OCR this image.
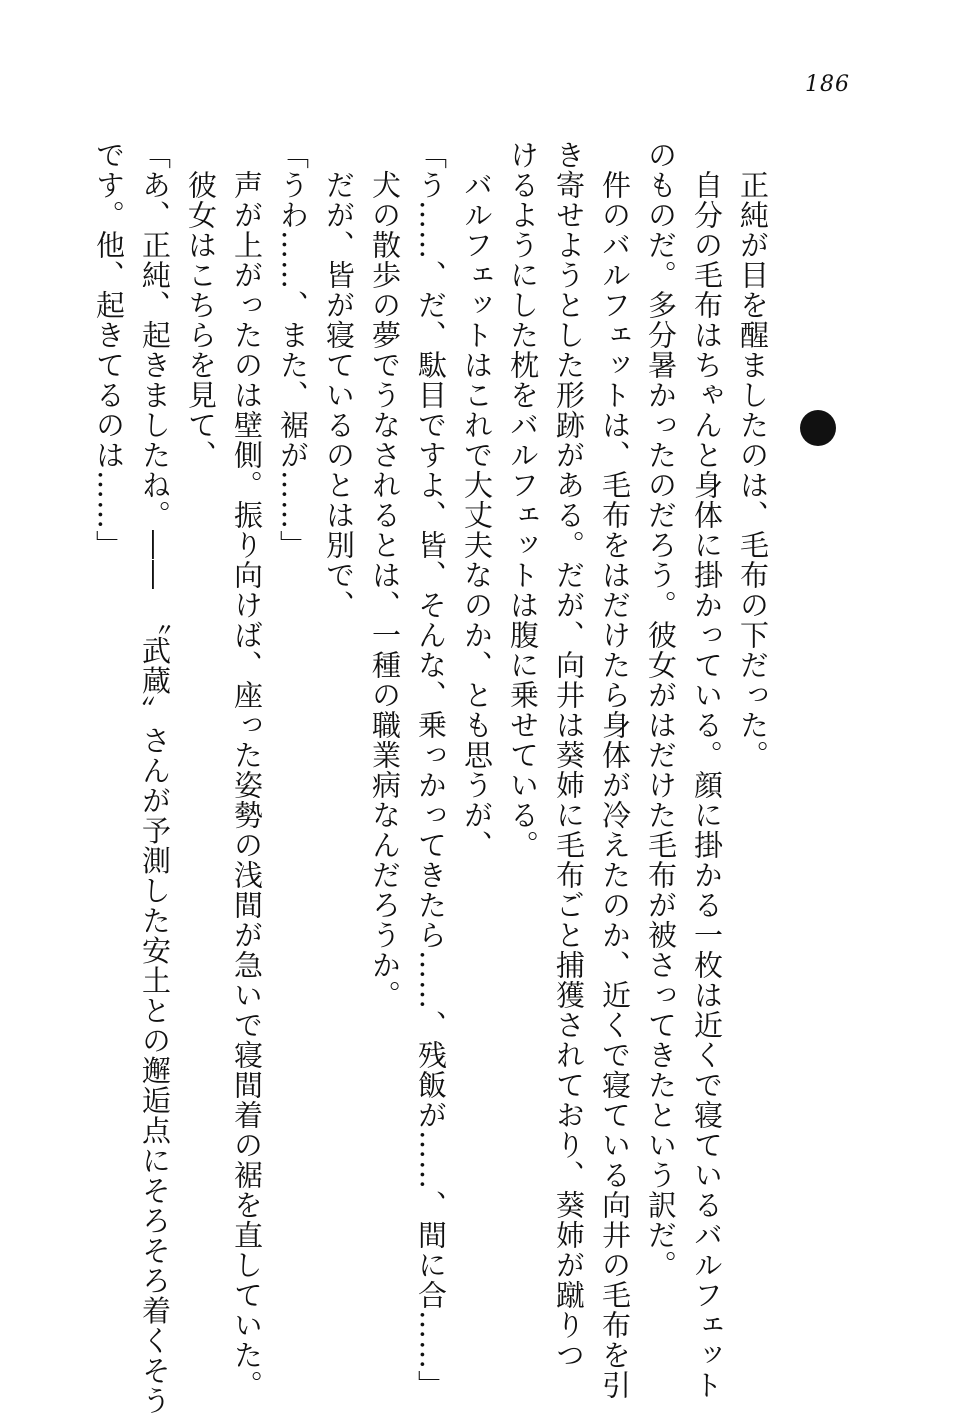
186
　正純が目を醒ましたのは、毛布の下だった。
　自分の毛布はちゃんと身体に掛かっている。顔に掛かる一枚は近くで寝ているバルフェット
のものだ。多分暑かったのだろう。彼女がはだけた毛布が被さってきたという訳だ。
　件のバルフェットは、毛布をはだけたら身体が冷えたのか、近くで寝ている向井の毛布を引
き寄せようとした形跡がある。だが、向井は葵姉に毛布ごと捕獲されており、葵姉が蹴りつ
けるようにした枕をバルフェットは腹に乗せている。
　バルフェットはこれで大丈夫なのか、とも思うが、
「う……、だ、駄目ですよ、皆、そんな、乗っかってきたら……、残飯が……、間に合……」
　犬の散歩の夢でうなされるとは、一種の職業病なんだろうか。
　だが、皆が寝ているのとは別で、
「うわ……、また、裾が……」
　声が上がったのは壁側。振り向けば、座った姿勢の浅間が急いで寝間着の裾を直していた。
　彼女はこちらを見て、
「あ、正純、起きましたね。――　〝武蔵〟さんが予測した安土との邂逅点にそろそろ着くそう
です。他、起きてるのは……」
